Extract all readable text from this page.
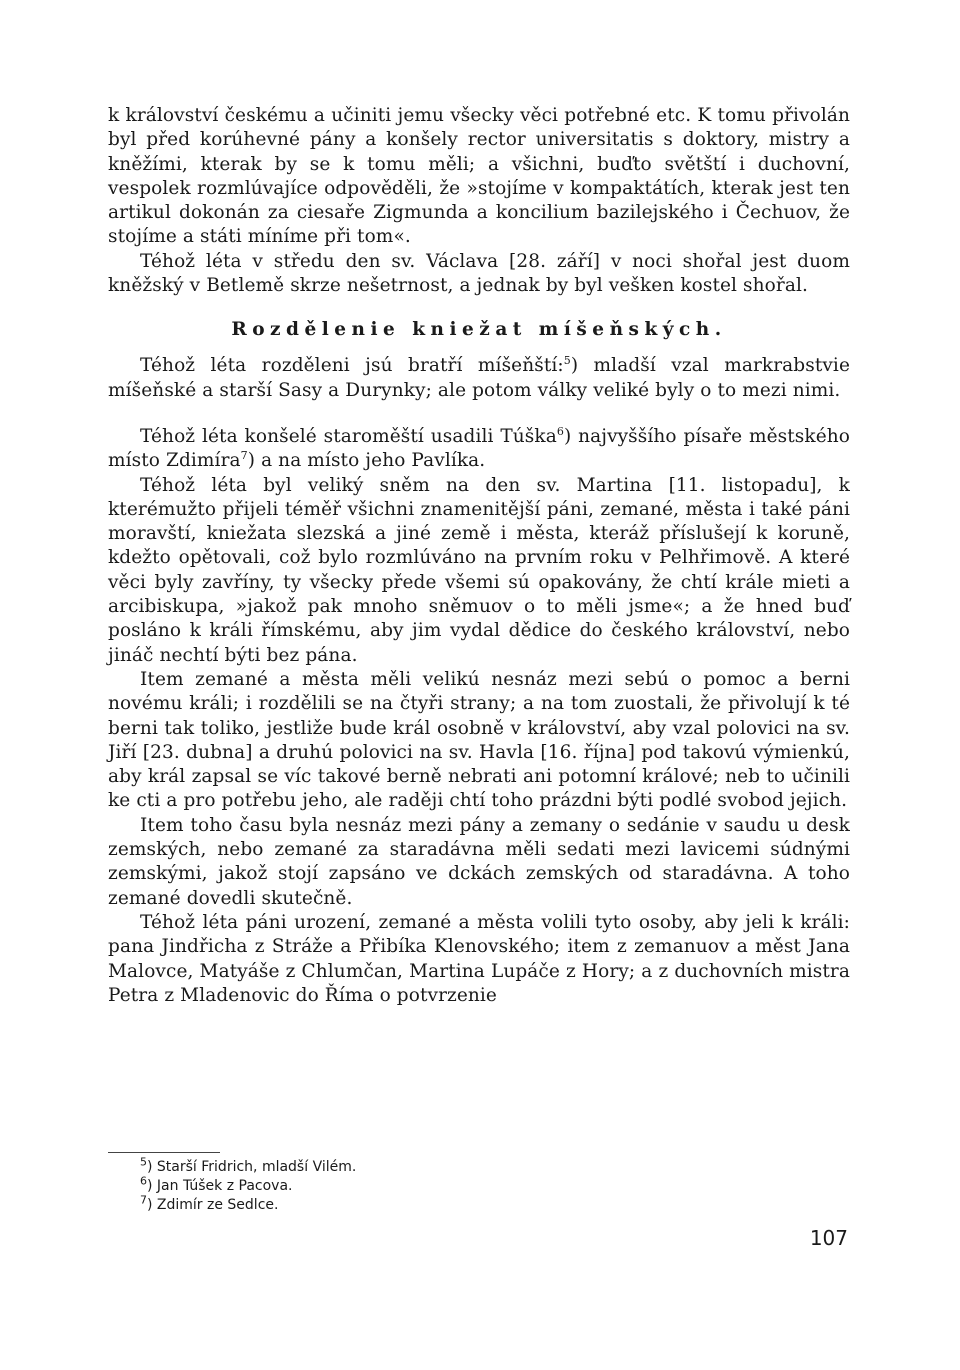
k království českému a učiniti jemu všecky věci potřebné etc. K tomu přivolán byl před korúhevné pány a konšely rector universitatis s doktory, mistry a kněžími, kterak by se k tomu měli; a všichni, buďto světští i duchovní, vespolek rozmlúvajíce odpověděli, že »stojíme v kompaktátích, kterak jest ten artikul dokonán za ciesaře Zigmunda a koncilium bazilejského i Čechuov, že stojíme a státi míníme při tom«.

Téhož léta v středu den sv. Václava [28. září] v noci shořal jest duom kněžský v Betlemě skrze nešetrnost, a jednak by byl vešken kostel shořal.

Rozdělenie kniežat míšeňských.

Téhož léta rozděleni jsú bratří míšeňští:$^5$) mladší vzal markrabstvie míšeňské a starší Sasy a Durynky; ale potom války veliké byly o to mezi nimi.

Téhož léta konšelé staroměští usadili Túška$^6$) najvyššího písaře městského místo Zdimíra$^7$) a na místo jeho Pavlíka.

Téhož léta byl veliký sněm na den sv. Martina [11. listopadu], k kterémužto přijeli téměř všichni znamenitější páni, zemané, města i také páni moravští, kniežata slezská a jiné země i města, kteráž příslušejí k koruně, kdežto opětovali, což bylo rozmlúváno na prvním roku v Pelhřimově. A které věci byly zavříny, ty všecky přede všemi sú opakovány, že chtí krále mieti a arcibiskupa, »jakož pak mnoho sněmuov o to měli jsme«; a že hned buď posláno k králi římskému, aby jim vydal dědice do českého království, nebo jináč nechtí býti bez pána.

Item zemané a města měli velikú nesnáz mezi sebú o pomoc a berni novému králi; i rozdělili se na čtyři strany; a na tom zuostali, že přivolují k té berni tak toliko, jestliže bude král osobně v království, aby vzal polovici na sv. Jiří [23. dubna] a druhú polovici na sv. Havla [16. října] pod takovú výmienkú, aby král zapsal se víc takové berně nebrati ani potomní králové; neb to učinili ke cti a pro potřebu jeho, ale raději chtí toho prázdni býti podlé svobod jejich.

Item toho času byla nesnáz mezi pány a zemany o sedánie v saudu u desk zemských, nebo zemané za staradávna měli sedati mezi lavicemi súdnými zemskými, jakož stojí zapsáno ve dckách zemských od staradávna. A toho zemané dovedli skutečně.

Téhož léta páni urození, zemané a města volili tyto osoby, aby jeli k králi: pana Jindřicha z Stráže a Přibíka Klenovského; item z zemanuov a měst Jana Malovce, Matyáše z Chlumčan, Martina Lupáče z Hory; a z duchovních mistra Petra z Mladenovic do Říma o potvrzenie

$^5$) Starší Fridrich, mladší Vilém.

$^6$) Jan Túšek z Pacova.

$^7$) Zdimír ze Sedlce.

107
